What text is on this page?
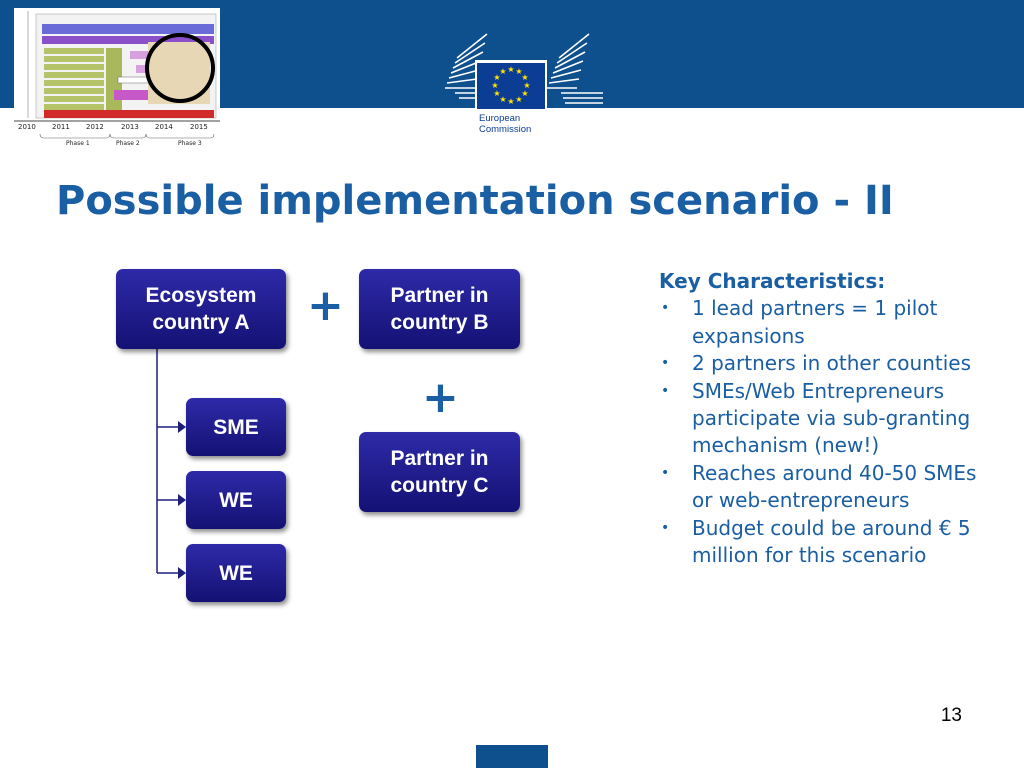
2010 2011 2012 2013 2014 2015
Phase 1	Phase 2	Phase 3
★ ★
★
★
★
★
★
★
★
★
★
★
European
Commission
Possible implementation scenario - II
Ecosystem
country A + Partner in
country B
+
Partner in
country C
SME
WE
WE
Key Characteristics:
• 1 lead partners = 1 pilot expansions
• 2 partners in other counties
• SMEs/Web Entrepreneurs participate via sub-granting mechanism (new!)
• Reaches around 40-50 SMEs or web-entrepreneurs
• Budget could be around € 5 million for this scenario
13
